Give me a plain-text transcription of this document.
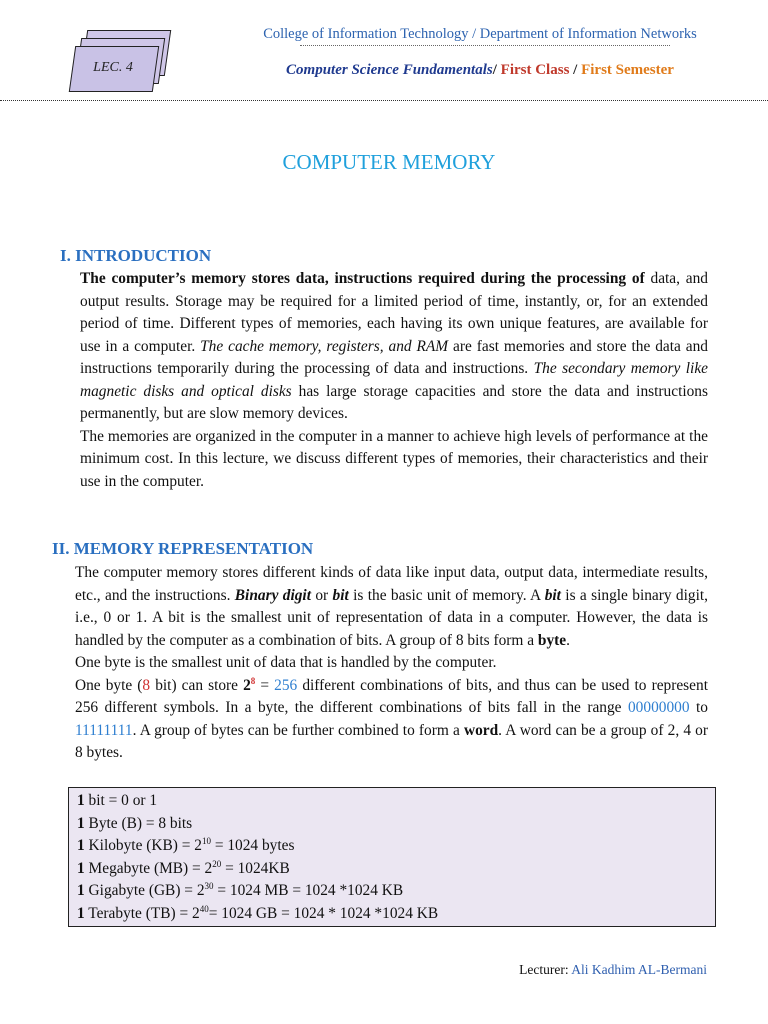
LEC. 4
College of Information Technology / Department of Information Networks
Computer Science Fundamentals/ First Class / First Semester
COMPUTER MEMORY
I. INTRODUCTION

The computer’s memory stores data, instructions required during the processing of data, and output results. Storage may be required for a limited period of time, instantly, or, for an extended period of time. Different types of memories, each having its own unique features, are available for use in a computer. The cache memory, registers, and RAM are fast memories and store the data and instructions temporarily during the processing of data and instructions. The secondary memory like magnetic disks and optical disks has large storage capacities and store the data and instructions permanently, but are slow memory devices.

The memories are organized in the computer in a manner to achieve high levels of performance at the minimum cost. In this lecture, we discuss different types of memories, their characteristics and their use in the computer.

II. MEMORY REPRESENTATION

The computer memory stores different kinds of data like input data, output data, intermediate results, etc., and the instructions. Binary digit or bit is the basic unit of memory. A bit is a single binary digit, i.e., 0 or 1. A bit is the smallest unit of representation of data in a computer. However, the data is handled by the computer as a combination of bits. A group of 8 bits form a byte.

One byte is the smallest unit of data that is handled by the computer.

One byte (8 bit) can store $2^8 = 256$ different combinations of bits, and thus can be used to represent 256 different symbols. In a byte, the different combinations of bits fall in the range 00000000 to 11111111. A group of bytes can be further combined to form a word. A word can be a group of 2, 4 or 8 bytes.

1 bit = 0 or 1
1 Byte (B) = 8 bits
1 Kilobyte $(KB) = 2^{10} = 1024$ bytes
1 Megabyte $(MB) = 2^{20} = 1024KB$
1 Gigabyte $(GB) = 2^{30} = 1024$ MB = 1024 *1024 KB
1 Terabyte $(TB) = 2^{40}= 1024$ GB = 1024 * 1024 *1024 KB
Lecturer: Ali Kadhim AL-Bermani
